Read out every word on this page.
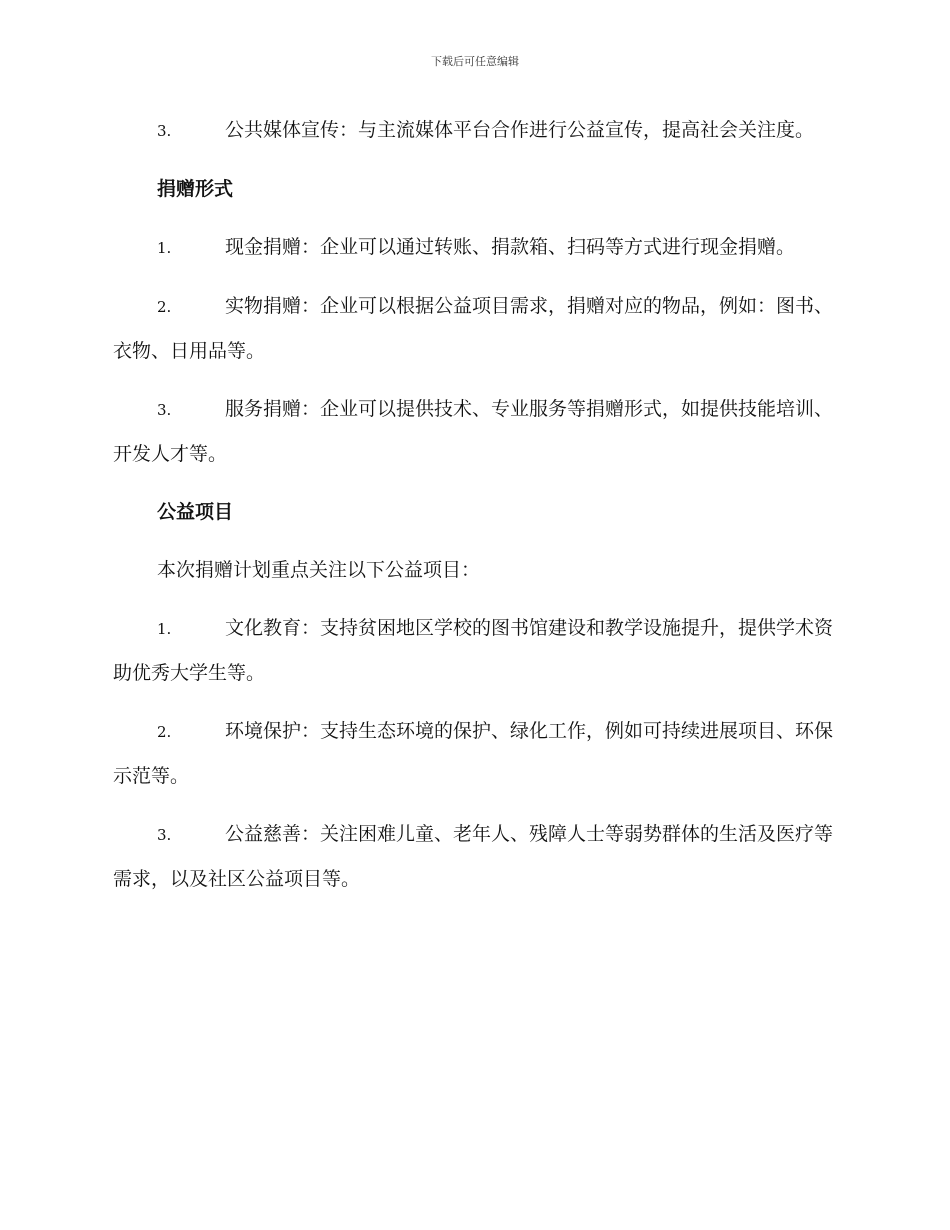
下载后可任意编辑

3.	公共媒体宣传：与主流媒体平台合作进行公益宣传，提高社会关注度。

捐赠形式

1.	现金捐赠：企业可以通过转账、捐款箱、扫码等方式进行现金捐赠。

2.	实物捐赠：企业可以根据公益项目需求，捐赠对应的物品，例如：图书、衣物、日用品等。

3.	服务捐赠：企业可以提供技术、专业服务等捐赠形式，如提供技能培训、开发人才等。

公益项目

本次捐赠计划重点关注以下公益项目：

1.	文化教育：支持贫困地区学校的图书馆建设和教学设施提升，提供学术资助优秀大学生等。

2.	环境保护：支持生态环境的保护、绿化工作，例如可持续进展项目、环保示范等。

3.	公益慈善：关注困难儿童、老年人、残障人士等弱势群体的生活及医疗等需求，以及社区公益项目等。
